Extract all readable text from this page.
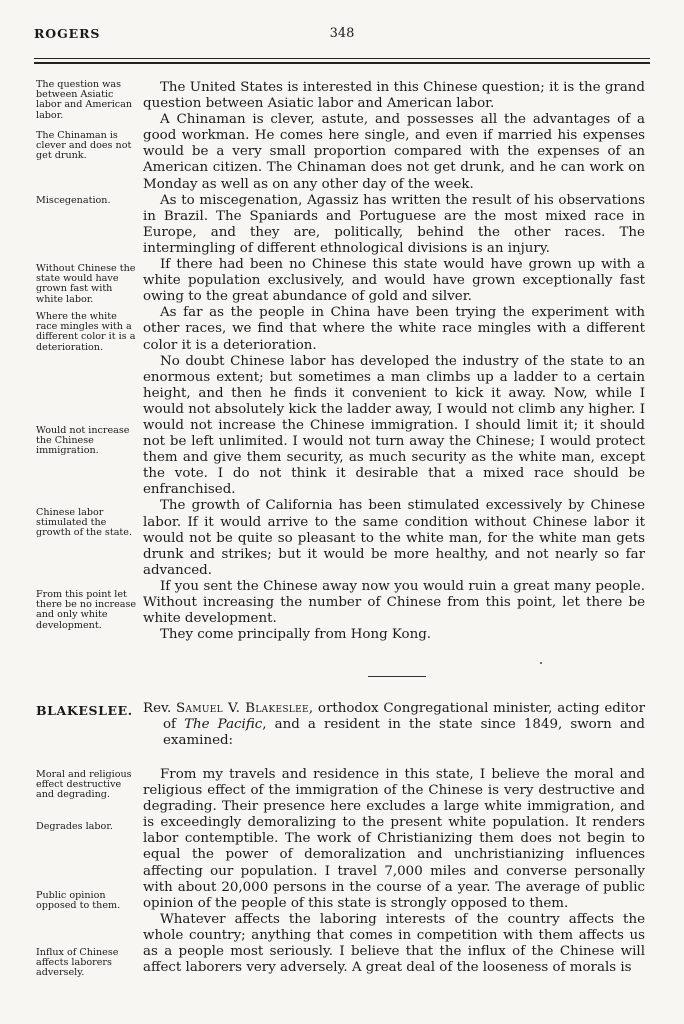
ROGERS	348
The question was between Asiatic labor and American labor.
The Chinaman is clever and does not get drunk.
Miscegenation.
Without Chinese the state would have grown fast with white labor.
Where the white race mingles with a different color it is a deterioration.
Would not increase the Chinese immigration.
Chinese labor stimulated the growth of the state.
From this point let there be no increase and only white development.

The United States is interested in this Chinese question; it is the grand question between Asiatic labor and American labor.

A Chinaman is clever, astute, and possesses all the advantages of a good workman. He comes here single, and even if married his expenses would be a very small proportion compared with the expenses of an American citizen. The Chinaman does not get drunk, and he can work on Monday as well as on any other day of the week.

As to miscegenation, Agassiz has written the result of his observations in Brazil. The Spaniards and Portuguese are the most mixed race in Europe, and they are, politically, behind the other races. The intermingling of different ethnological divisions is an injury.

If there had been no Chinese this state would have grown up with a white population exclusively, and would have grown exceptionally fast owing to the great abundance of gold and silver.

As far as the people in China have been trying the experiment with other races, we find that where the white race mingles with a different color it is a deterioration.

No doubt Chinese labor has developed the industry of the state to an enormous extent; but sometimes a man climbs up a ladder to a certain height, and then he finds it convenient to kick it away. Now, while I would not absolutely kick the ladder away, I would not climb any higher. I would not increase the Chinese immigration. I should limit it; it should not be left unlimited. I would not turn away the Chinese; I would protect them and give them security, as much security as the white man, except the vote. I do not think it desirable that a mixed race should be enfranchised.

The growth of California has been stimulated excessively by Chinese labor. If it would arrive to the same condition without Chinese labor it would not be quite so pleasant to the white man, for the white man gets drunk and strikes; but it would be more healthy, and not nearly so far advanced.

If you sent the Chinese away now you would ruin a great many people. Without increasing the number of Chinese from this point, let there be white development.

They come principally from Hong Kong.

BLAKESLEE. Rev. Samuel V. Blakeslee, orthodox Congregational minister, acting editor of The Pacific, and a resident in the state since 1849, sworn and examined:
Moral and religious effect destructive and degrading.
Degrades labor.
Public opinion opposed to them.
Influx of Chinese affects laborers adversely.

From my travels and residence in this state, I believe the moral and religious effect of the immigration of the Chinese is very destructive and degrading. Their presence here excludes a large white immigration, and is exceedingly demoralizing to the present white population. It renders labor contemptible. The work of Christianizing them does not begin to equal the power of demoralization and unchristianizing influences affecting our population. I travel 7,000 miles and converse personally with about 20,000 persons in the course of a year. The average of public opinion of the people of this state is strongly opposed to them.

Whatever affects the laboring interests of the country affects the whole country; anything that comes in competition with them affects us as a people most seriously. I believe that the influx of the Chinese will affect laborers very adversely. A great deal of the looseness of morals is
